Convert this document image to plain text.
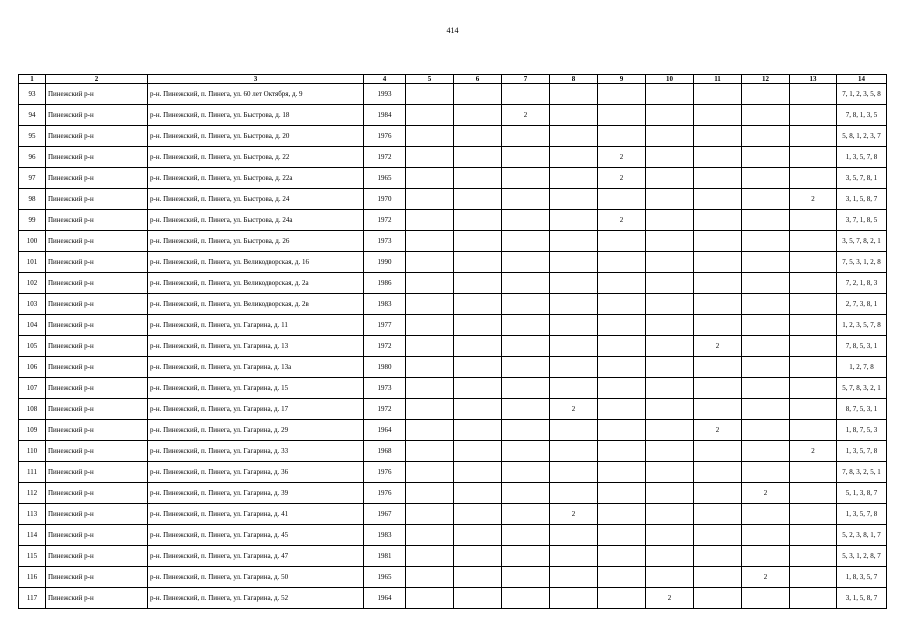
414
1	2	3	4	5	6	7	8	9	10	11	12	13	14
93	Пинежский р-н	р-н. Пинежский, п. Пинега, ул. 60 лет Октября, д. 9	1993										7, 1, 2, 3, 5, 8
94	Пинежский р-н	р-н. Пинежский, п. Пинега, ул. Быстрова, д. 18	1984			2							7, 8, 1, 3, 5
95	Пинежский р-н	р-н. Пинежский, п. Пинега, ул. Быстрова, д. 20	1976										5, 8, 1, 2, 3, 7
96	Пинежский р-н	р-н. Пинежский, п. Пинега, ул. Быстрова, д. 22	1972					2					1, 3, 5, 7, 8
97	Пинежский р-н	р-н. Пинежский, п. Пинега, ул. Быстрова, д. 22а	1965					2					3, 5, 7, 8, 1
98	Пинежский р-н	р-н. Пинежский, п. Пинега, ул. Быстрова, д. 24	1970									2	3, 1, 5, 8, 7
99	Пинежский р-н	р-н. Пинежский, п. Пинега, ул. Быстрова, д. 24а	1972					2					3, 7, 1, 8, 5
100	Пинежский р-н	р-н. Пинежский, п. Пинега, ул. Быстрова, д. 26	1973										3, 5, 7, 8, 2, 1
101	Пинежский р-н	р-н. Пинежский, п. Пинега, ул. Великодворская, д. 16	1990										7, 5, 3, 1, 2, 8
102	Пинежский р-н	р-н. Пинежский, п. Пинега, ул. Великодворская, д. 2а	1986										7, 2, 1, 8, 3
103	Пинежский р-н	р-н. Пинежский, п. Пинега, ул. Великодворская, д. 2в	1983										2, 7, 3, 8, 1
104	Пинежский р-н	р-н. Пинежский, п. Пинега, ул. Гагарина, д. 11	1977										1, 2, 3, 5, 7, 8
105	Пинежский р-н	р-н. Пинежский, п. Пинега, ул. Гагарина, д. 13	1972							2			7, 8, 5, 3, 1
106	Пинежский р-н	р-н. Пинежский, п. Пинега, ул. Гагарина, д. 13а	1980										1, 2, 7, 8
107	Пинежский р-н	р-н. Пинежский, п. Пинега, ул. Гагарина, д. 15	1973										5, 7, 8, 3, 2, 1
108	Пинежский р-н	р-н. Пинежский, п. Пинега, ул. Гагарина, д. 17	1972				2						8, 7, 5, 3, 1
109	Пинежский р-н	р-н. Пинежский, п. Пинега, ул. Гагарина, д. 29	1964							2			1, 8, 7, 5, 3
110	Пинежский р-н	р-н. Пинежский, п. Пинега, ул. Гагарина, д. 33	1968									2	1, 3, 5, 7, 8
111	Пинежский р-н	р-н. Пинежский, п. Пинега, ул. Гагарина, д. 36	1976										7, 8, 3, 2, 5, 1
112	Пинежский р-н	р-н. Пинежский, п. Пинега, ул. Гагарина, д. 39	1976								2		5, 1, 3, 8, 7
113	Пинежский р-н	р-н. Пинежский, п. Пинега, ул. Гагарина, д. 41	1967				2						1, 3, 5, 7, 8
114	Пинежский р-н	р-н. Пинежский, п. Пинега, ул. Гагарина, д. 45	1983										5, 2, 3, 8, 1, 7
115	Пинежский р-н	р-н. Пинежский, п. Пинега, ул. Гагарина, д. 47	1981										5, 3, 1, 2, 8, 7
116	Пинежский р-н	р-н. Пинежский, п. Пинега, ул. Гагарина, д. 50	1965								2		1, 8, 3, 5, 7
117	Пинежский р-н	р-н. Пинежский, п. Пинега, ул. Гагарина, д. 52	1964						2				3, 1, 5, 8, 7
